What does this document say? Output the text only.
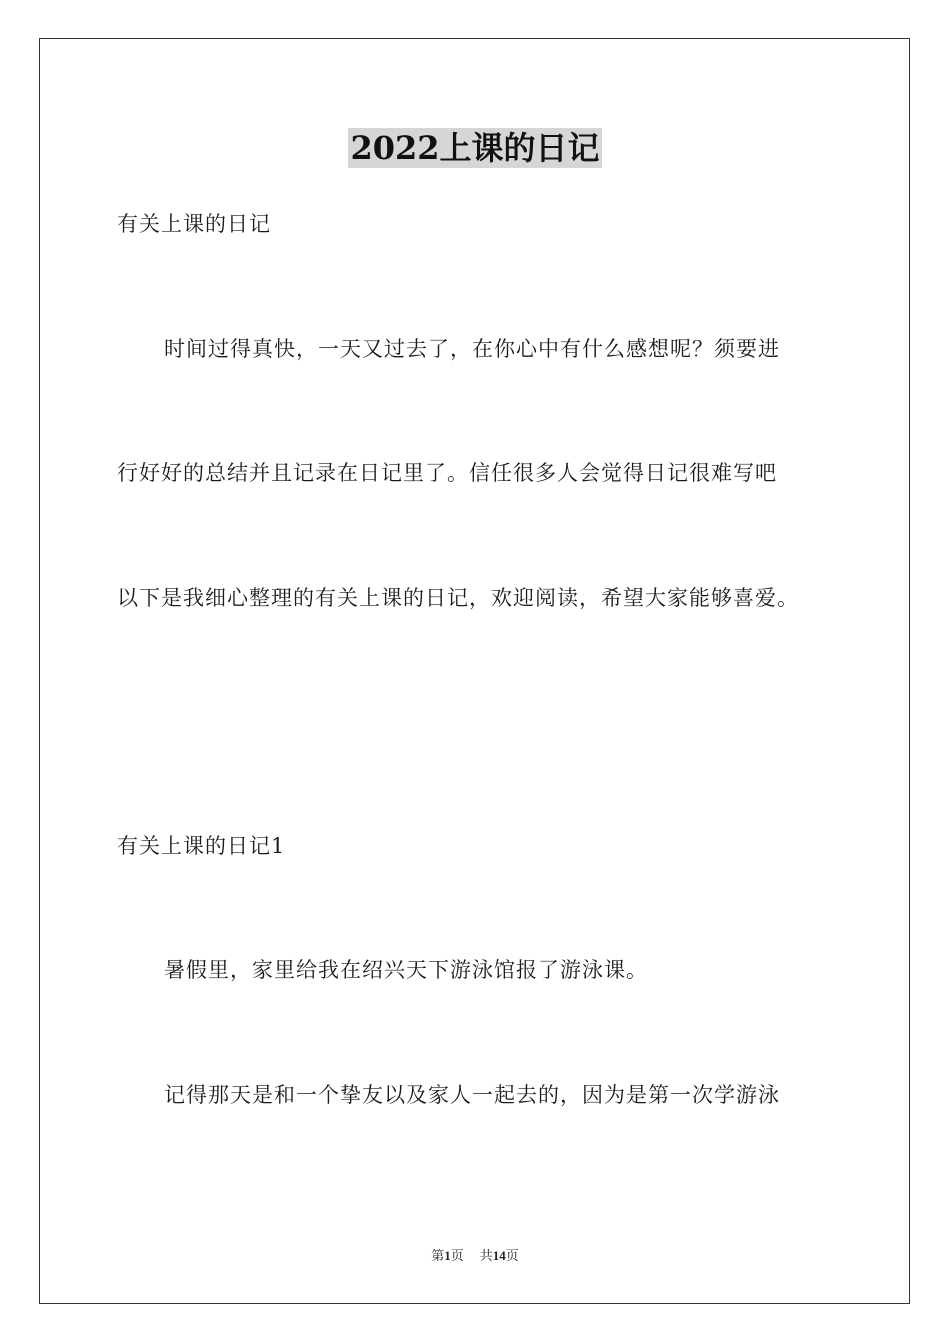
2022上课的日记
有关上课的日记
时间过得真快，一天又过去了，在你心中有什么感想呢？须要进
行好好的总结并且记录在日记里了。信任很多人会觉得日记很难写吧
以下是我细心整理的有关上课的日记，欢迎阅读，希望大家能够喜爱。
有关上课的日记1
暑假里，家里给我在绍兴天下游泳馆报了游泳课。
记得那天是和一个挚友以及家人一起去的，因为是第一次学游泳
第1页 共14页
